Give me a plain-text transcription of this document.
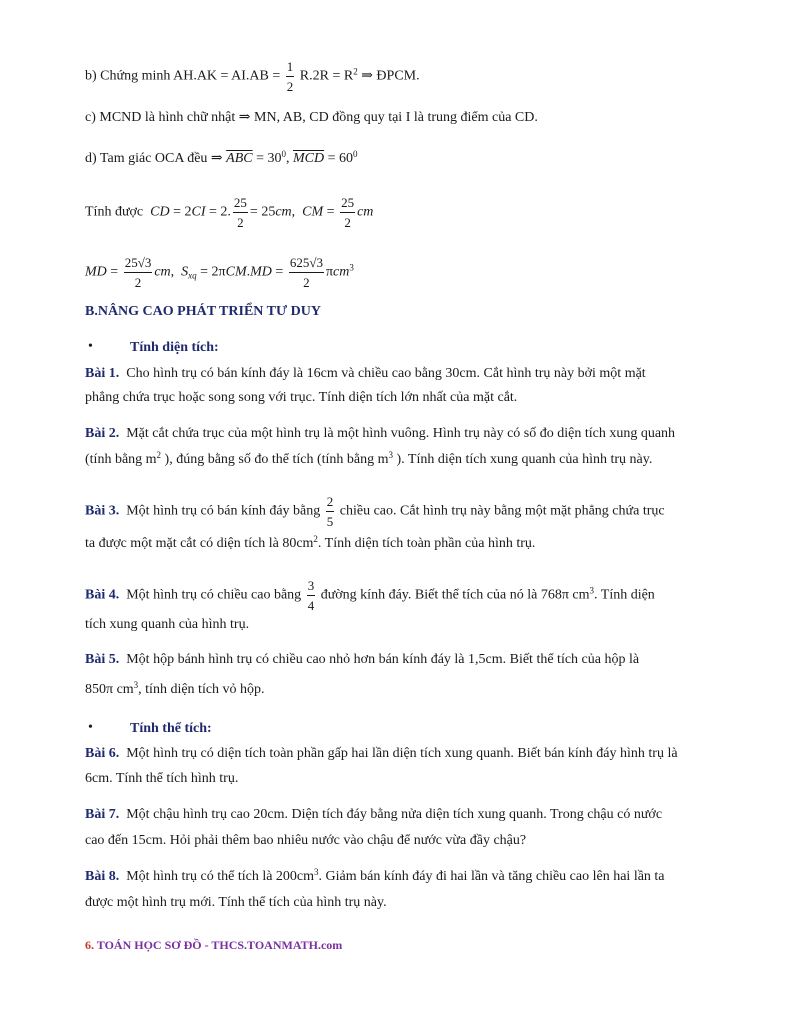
b) Chứng minh $AH.AK = AI.AB = \frac{1}{2} R.2R = R^2$ ⇒ ĐPCM.
c) MCND là hình chữ nhật ⇒ MN, AB, CD đồng quy tại I là trung điểm của CD.
d) Tam giác OCA đều ⇒ $\overline{ABC} = 30^0$, $\overline{MCD} = 60^0$
Tính được  CD = 2CI = 2. $\frac{25}{2} = 25cm$,  CM = $\frac{25}{2}$ cm
MD = $\frac{25√3}{2}$ cm,  $S_{xq} = 2\pi CM.MD = \frac{625√3}{2} \pi cm^3$
B.NÂNG CAO PHÁT TRIỂN TƯ DUY
•	Tính diện tích:
Bài 1. Cho hình trụ có bán kính đáy là 16cm và chiều cao bằng 30cm. Cắt hình trụ này bởi một mặt
phẳng chứa trục hoặc song song với trục. Tính diện tích lớn nhất của mặt cắt.
Bài 2. Mặt cắt chứa trục của một hình trụ là một hình vuông. Hình trụ này có số đo diện tích xung quanh
(tính bằng $m^2$ ), đúng bằng số đo thể tích (tính bằng $m^3$ ). Tính diện tích xung quanh của hình trụ này.
Bài 3. Một hình trụ có bán kính đáy bằng $\frac{2}{5}$ chiều cao. Cắt hình trụ này bằng một mặt phẳng chứa trục
ta được một mặt cắt có diện tích là $80cm^2$. Tính diện tích toàn phần của hình trụ.
Bài 4. Một hình trụ có chiều cao bằng $\frac{3}{4}$ đường kính đáy. Biết thể tích của nó là 768π $cm^3$. Tính diện
tích xung quanh của hình trụ.
Bài 5. Một hộp bánh hình trụ có chiều cao nhỏ hơn bán kính đáy là 1,5cm. Biết thể tích của hộp là
850π $cm^3$, tính diện tích vỏ hộp.
•	Tính thể tích:
Bài 6. Một hình trụ có diện tích toàn phần gấp hai lần diện tích xung quanh. Biết bán kính đáy hình trụ là
6cm. Tính thể tích hình trụ.
Bài 7. Một chậu hình trụ cao 20cm. Diện tích đáy bằng nửa diện tích xung quanh. Trong chậu có nước
cao đến 15cm. Hỏi phải thêm bao nhiêu nước vào chậu để nước vừa đầy chậu?
Bài 8. Một hình trụ có thể tích là $200cm^3$. Giảm bán kính đáy đi hai lần và tăng chiều cao lên hai lần ta
được một hình trụ mới. Tính thể tích của hình trụ này.
6. TOÁN HỌC SƠ ĐỒ - THCS.TOANMATH.com
